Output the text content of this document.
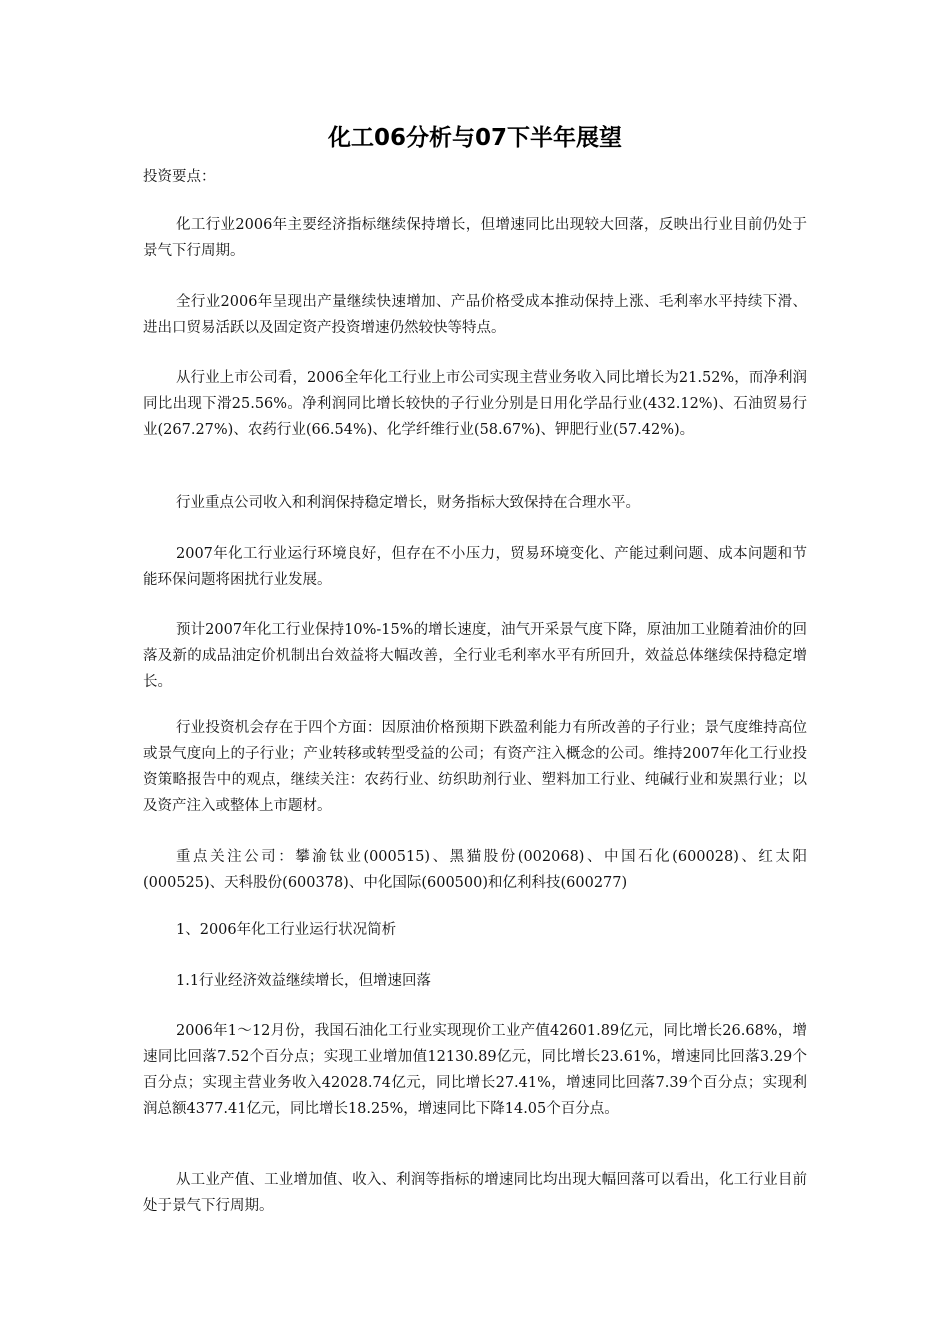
化工06分析与07下半年展望

投资要点：

化工行业2006年主要经济指标继续保持增长，但增速同比出现较大回落，反映出行业目前仍处于景气下行周期。

全行业2006年呈现出产量继续快速增加、产品价格受成本推动保持上涨、毛利率水平持续下滑、进出口贸易活跃以及固定资产投资增速仍然较快等特点。

从行业上市公司看，2006全年化工行业上市公司实现主营业务收入同比增长为21.52%，而净利润同比出现下滑25.56%。净利润同比增长较快的子行业分别是日用化学品行业(432.12%)、石油贸易行业(267.27%)、农药行业(66.54%)、化学纤维行业(58.67%)、钾肥行业(57.42%)。

行业重点公司收入和利润保持稳定增长，财务指标大致保持在合理水平。

2007年化工行业运行环境良好，但存在不小压力，贸易环境变化、产能过剩问题、成本问题和节能环保问题将困扰行业发展。

预计2007年化工行业保持10%-15%的增长速度，油气开采景气度下降，原油加工业随着油价的回落及新的成品油定价机制出台效益将大幅改善，全行业毛利率水平有所回升，效益总体继续保持稳定增长。

行业投资机会存在于四个方面：因原油价格预期下跌盈利能力有所改善的子行业；景气度维持高位或景气度向上的子行业；产业转移或转型受益的公司；有资产注入概念的公司。维持2007年化工行业投资策略报告中的观点，继续关注：农药行业、纺织助剂行业、塑料加工行业、纯碱行业和炭黑行业；以及资产注入或整体上市题材。

重点关注公司：攀渝钛业(000515)、黑猫股份(002068)、中国石化(600028)、红太阳(000525)、天科股份(600378)、中化国际(600500)和亿利科技(600277)

1、2006年化工行业运行状况简析

1.1行业经济效益继续增长，但增速回落

2006年1～12月份，我国石油化工行业实现现价工业产值42601.89亿元，同比增长26.68%，增速同比回落7.52个百分点；实现工业增加值12130.89亿元，同比增长23.61%，增速同比回落3.29个百分点；实现主营业务收入42028.74亿元，同比增长27.41%，增速同比回落7.39个百分点；实现利润总额4377.41亿元，同比增长18.25%，增速同比下降14.05个百分点。

从工业产值、工业增加值、收入、利润等指标的增速同比均出现大幅回落可以看出，化工行业目前处于景气下行周期。
